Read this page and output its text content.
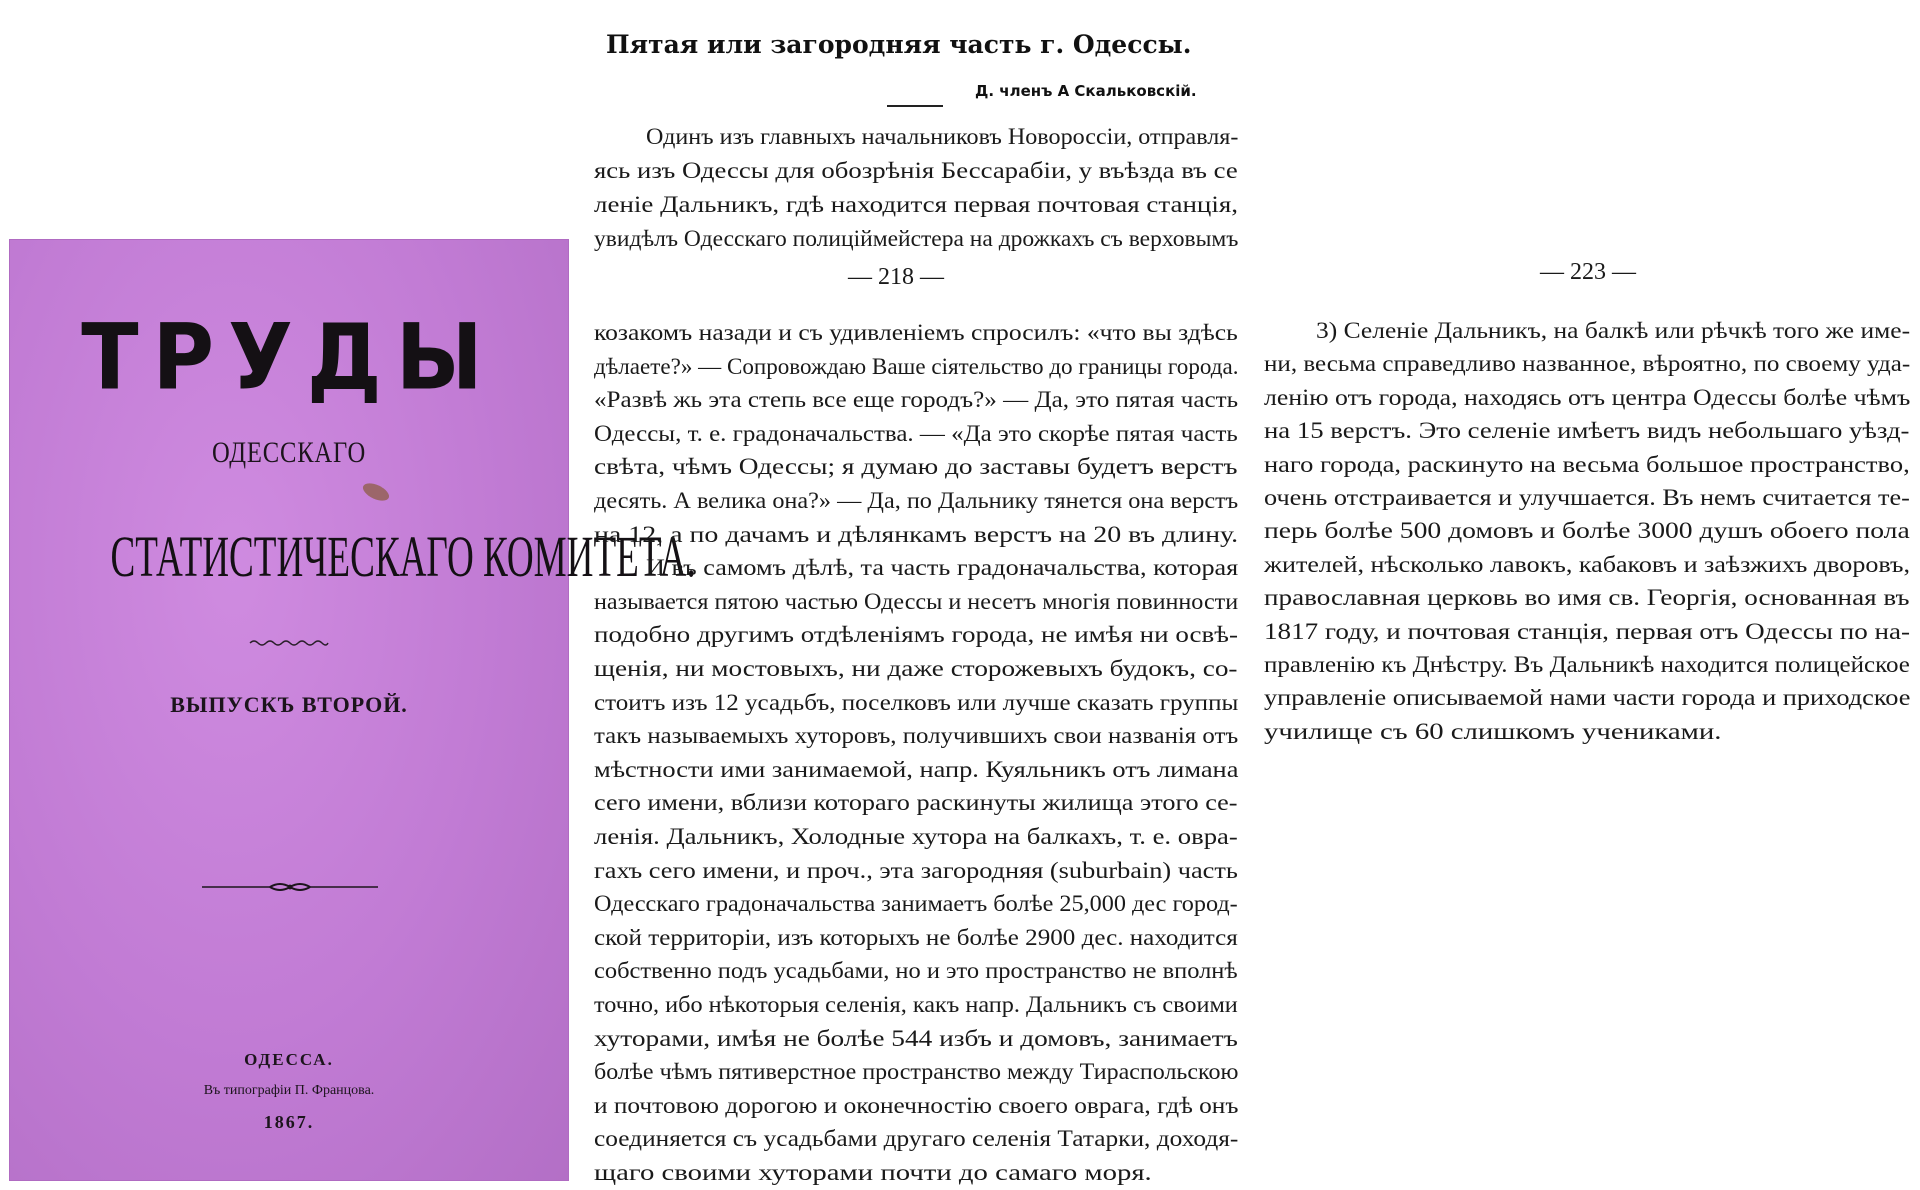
ТРУДЫ
ОДЕССКАГО
СТАТИСТИЧЕСКАГО КОМИТЕТА.
ВЫПУСКЪ ВТОРОЙ.
ОДЕССА.
Въ типографіи П. Францова.
1867.
Пятая или загородняя часть г. Одессы.
Д. членъ А Скальковскій.
Одинъ изъ главныхъ начальниковъ Новороссіи, отправля-
ясь изъ Одессы для обозрѣнія Бессарабіи, у въѣзда въ се
леніе Дальникъ, гдѣ находится первая почтовая станція,
увидѣлъ Одесскаго полиціймейстера на дрожкахъ съ верховымъ
— 218 —
козакомъ назади и съ удивленіемъ спросилъ: «что вы здѣсь
дѣлаете?» — Сопровождаю Ваше сіятельство до границы города.
«Развѣ жь эта степь все еще городъ?» — Да, это пятая часть
Одессы, т. е. градоначальства. — «Да это скорѣе пятая часть
свѣта, чѣмъ Одессы; я думаю до заставы будетъ верстъ
десять. А велика она?» — Да, по Дальнику тянется она верстъ
на 12, а по дачамъ и дѣлянкамъ верстъ на 20 въ длину.
И въ самомъ дѣлѣ, та часть градоначальства, которая
называется пятою частью Одессы и несетъ многія повинности
подобно другимъ отдѣленіямъ города, не имѣя ни освѣ-
щенія, ни мостовыхъ, ни даже сторожевыхъ будокъ, со-
стоитъ изъ 12 усадьбъ, поселковъ или лучше сказать группы
такъ называемыхъ хуторовъ, получившихъ свои названія отъ
мѣстности ими занимаемой, напр. Куяльникъ отъ лимана
сего имени, вблизи котораго раскинуты жилища этого се-
ленія. Дальникъ, Холодные хутора на балкахъ, т. е. овра-
гахъ сего имени, и проч., эта загородняя (suburbain) часть
Одесскаго градоначальства занимаетъ болѣе 25,000 дес город-
ской территоріи, изъ которыхъ не болѣе 2900 дес. находится
собственно подъ усадьбами, но и это пространство не вполнѣ
точно, ибо нѣкоторыя селенія, какъ напр. Дальникъ съ своими
хуторами, имѣя не болѣе 544 избъ и домовъ, занимаетъ
болѣе чѣмъ пятиверстное пространство между Тираспольскою
и почтовою дорогою и оконечностію своего оврага, гдѣ онъ
соединяется съ усадьбами другаго селенія Татарки, доходя-
щаго своими хуторами почти до самаго моря.
— 223 —
3) Селеніе Дальникъ, на балкѣ или рѣчкѣ того же име-
ни, весьма справедливо названное, вѣроятно, по своему уда-
ленію отъ города, находясь отъ центра Одессы болѣе чѣмъ
на 15 верстъ. Это селеніе имѣетъ видъ небольшаго уѣзд-
наго города, раскинуто на весьма большое пространство,
очень отстраивается и улучшается. Въ немъ считается те-
перь болѣе 500 домовъ и болѣе 3000 душъ обоего пола
жителей, нѣсколько лавокъ, кабаковъ и заѣзжихъ дворовъ,
православная церковь во имя св. Георгія, основанная въ
1817 году, и почтовая станція, первая отъ Одессы по на-
правленію къ Днѣстру. Въ Дальникѣ находится полицейское
управленіе описываемой нами части города и приходское
училище съ 60 слишкомъ учениками.
